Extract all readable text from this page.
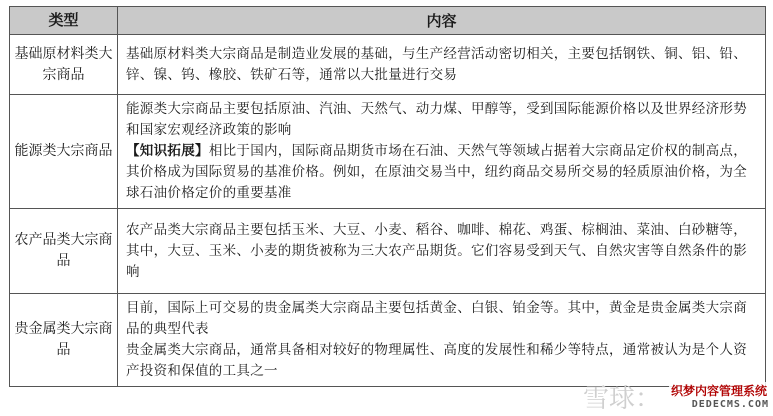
类型	内容
基础原材料类大宗商品	基础原材料类大宗商品是制造业发展的基础，与生产经营活动密切相关，主要包括钢铁、铜、铝、铅、锌、镍、钨、橡胶、铁矿石等，通常以大批量进行交易

能源类大宗商品	能源类大宗商品主要包括原油、汽油、天然气、动力煤、甲醇等，受到国际能源价格以及世界经济形势和国家宏观经济政策的影响

【知识拓展】相比于国内，国际商品期货市场在石油、天然气等领域占据着大宗商品定价权的制高点，其价格成为国际贸易的基准价格。例如，在原油交易当中，纽约商品交易所交易的轻质原油价格，为全球石油价格定价的重要基准

农产品类大宗商品	农产品类大宗商品主要包括玉米、大豆、小麦、稻谷、咖啡、棉花、鸡蛋、棕榈油、菜油、白砂糖等，其中，大豆、玉米、小麦的期货被称为三大农产品期货。它们容易受到天气、自然灾害等自然条件的影响

贵金属类大宗商品	目前，国际上可交易的贵金属类大宗商品主要包括黄金、白银、铂金等。其中，黄金是贵金属类大宗商品的典型代表

贵金属类大宗商品，通常具备相对较好的物理属性、高度的发展性和稀少等特点，通常被认为是个人资产投资和保值的工具之一

雪球： 织梦内容管理系统
DEDECMS.COM
